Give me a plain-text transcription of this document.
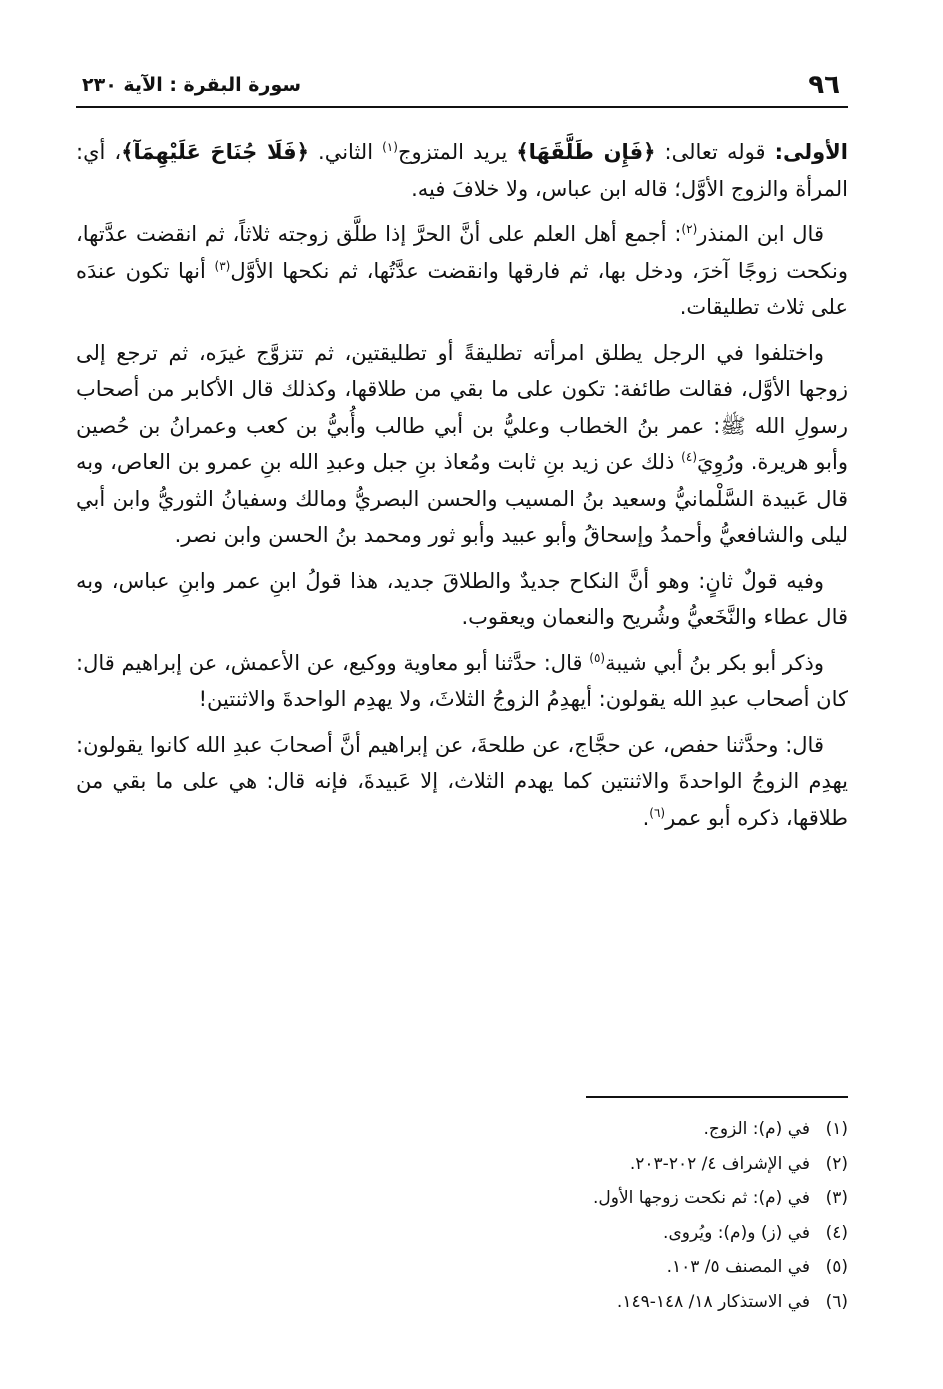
٩٦
سورة البقرة : الآية ٢٣٠

الأولى: قوله تعالى: ﴿فَإِن طَلَّقَهَا﴾ يريد المتزوج$^{(١)}$ الثاني. ﴿فَلَا جُنَاحَ عَلَيْهِمَآ﴾، أي: المرأة والزوج الأوَّل؛ قاله ابن عباس، ولا خلافَ فيه.

قال ابن المنذر$^{(٢)}$: أجمع أهل العلم على أنَّ الحرَّ إذا طلَّق زوجته ثلاثاً، ثم انقضت عدَّتها، ونكحت زوجًا آخرَ، ودخل بها، ثم فارقها وانقضت عدَّتُها، ثم نكحها الأوَّل$^{(٣)}$ أنها تكون عندَه على ثلاث تطليقات.

واختلفوا في الرجل يطلق امرأته تطليقةً أو تطليقتين، ثم تتزوَّج غيرَه، ثم ترجع إلى زوجها الأوَّل، فقالت طائفة: تكون على ما بقي من طلاقها، وكذلك قال الأكابر من أصحاب رسولِ الله ﷺ: عمر بنُ الخطاب وعليُّ بن أبي طالب وأُبيُّ بن كعب وعمرانُ بن حُصين وأبو هريرة. ورُوِيَ$^{(٤)}$ ذلك عن زيد بنِ ثابت ومُعاذ بنِ جبل وعبدِ الله بنِ عمرو بن العاص، وبه قال عَبيدة السَّلْمانيُّ وسعيد بنُ المسيب والحسن البصريُّ ومالك وسفيانُ الثوريُّ وابن أبي ليلى والشافعيُّ وأحمدُ وإسحاقُ وأبو عبيد وأبو ثور ومحمد بنُ الحسن وابن نصر.

وفيه قولٌ ثانٍ: وهو أنَّ النكاح جديدٌ والطلاقَ جديد، هذا قولُ ابنِ عمر وابنِ عباس، وبه قال عطاء والنَّخَعيُّ وشُريح والنعمان ويعقوب.

وذكر أبو بكر بنُ أبي شيبة$^{(٥)}$ قال: حدَّثنا أبو معاوية ووكيع، عن الأعمش، عن إبراهيم قال: كان أصحاب عبدِ الله يقولون: أيهدِمُ الزوجُ الثلاثَ، ولا يهدِم الواحدةَ والاثنتين!

قال: وحدَّثنا حفص، عن حجَّاج، عن طلحةَ، عن إبراهيم أنَّ أصحابَ عبدِ الله كانوا يقولون: يهدِم الزوجُ الواحدةَ والاثنتين كما يهدم الثلاث، إلا عَبيدةَ، فإنه قال: هي على ما بقي من طلاقها، ذكره أبو عمر$^{(٦)}$.

(١)
في (م): الزوج.
(٢)
في الإشراف ٤/ ٢٠٢-٢٠٣.
(٣)
في (م): ثم نكحت زوجها الأول.
(٤)
في (ز) و(م): ويُروى.
(٥)
في المصنف ٥/ ١٠٣.
(٦)
في الاستذكار ١٨/ ١٤٨-١٤٩.
